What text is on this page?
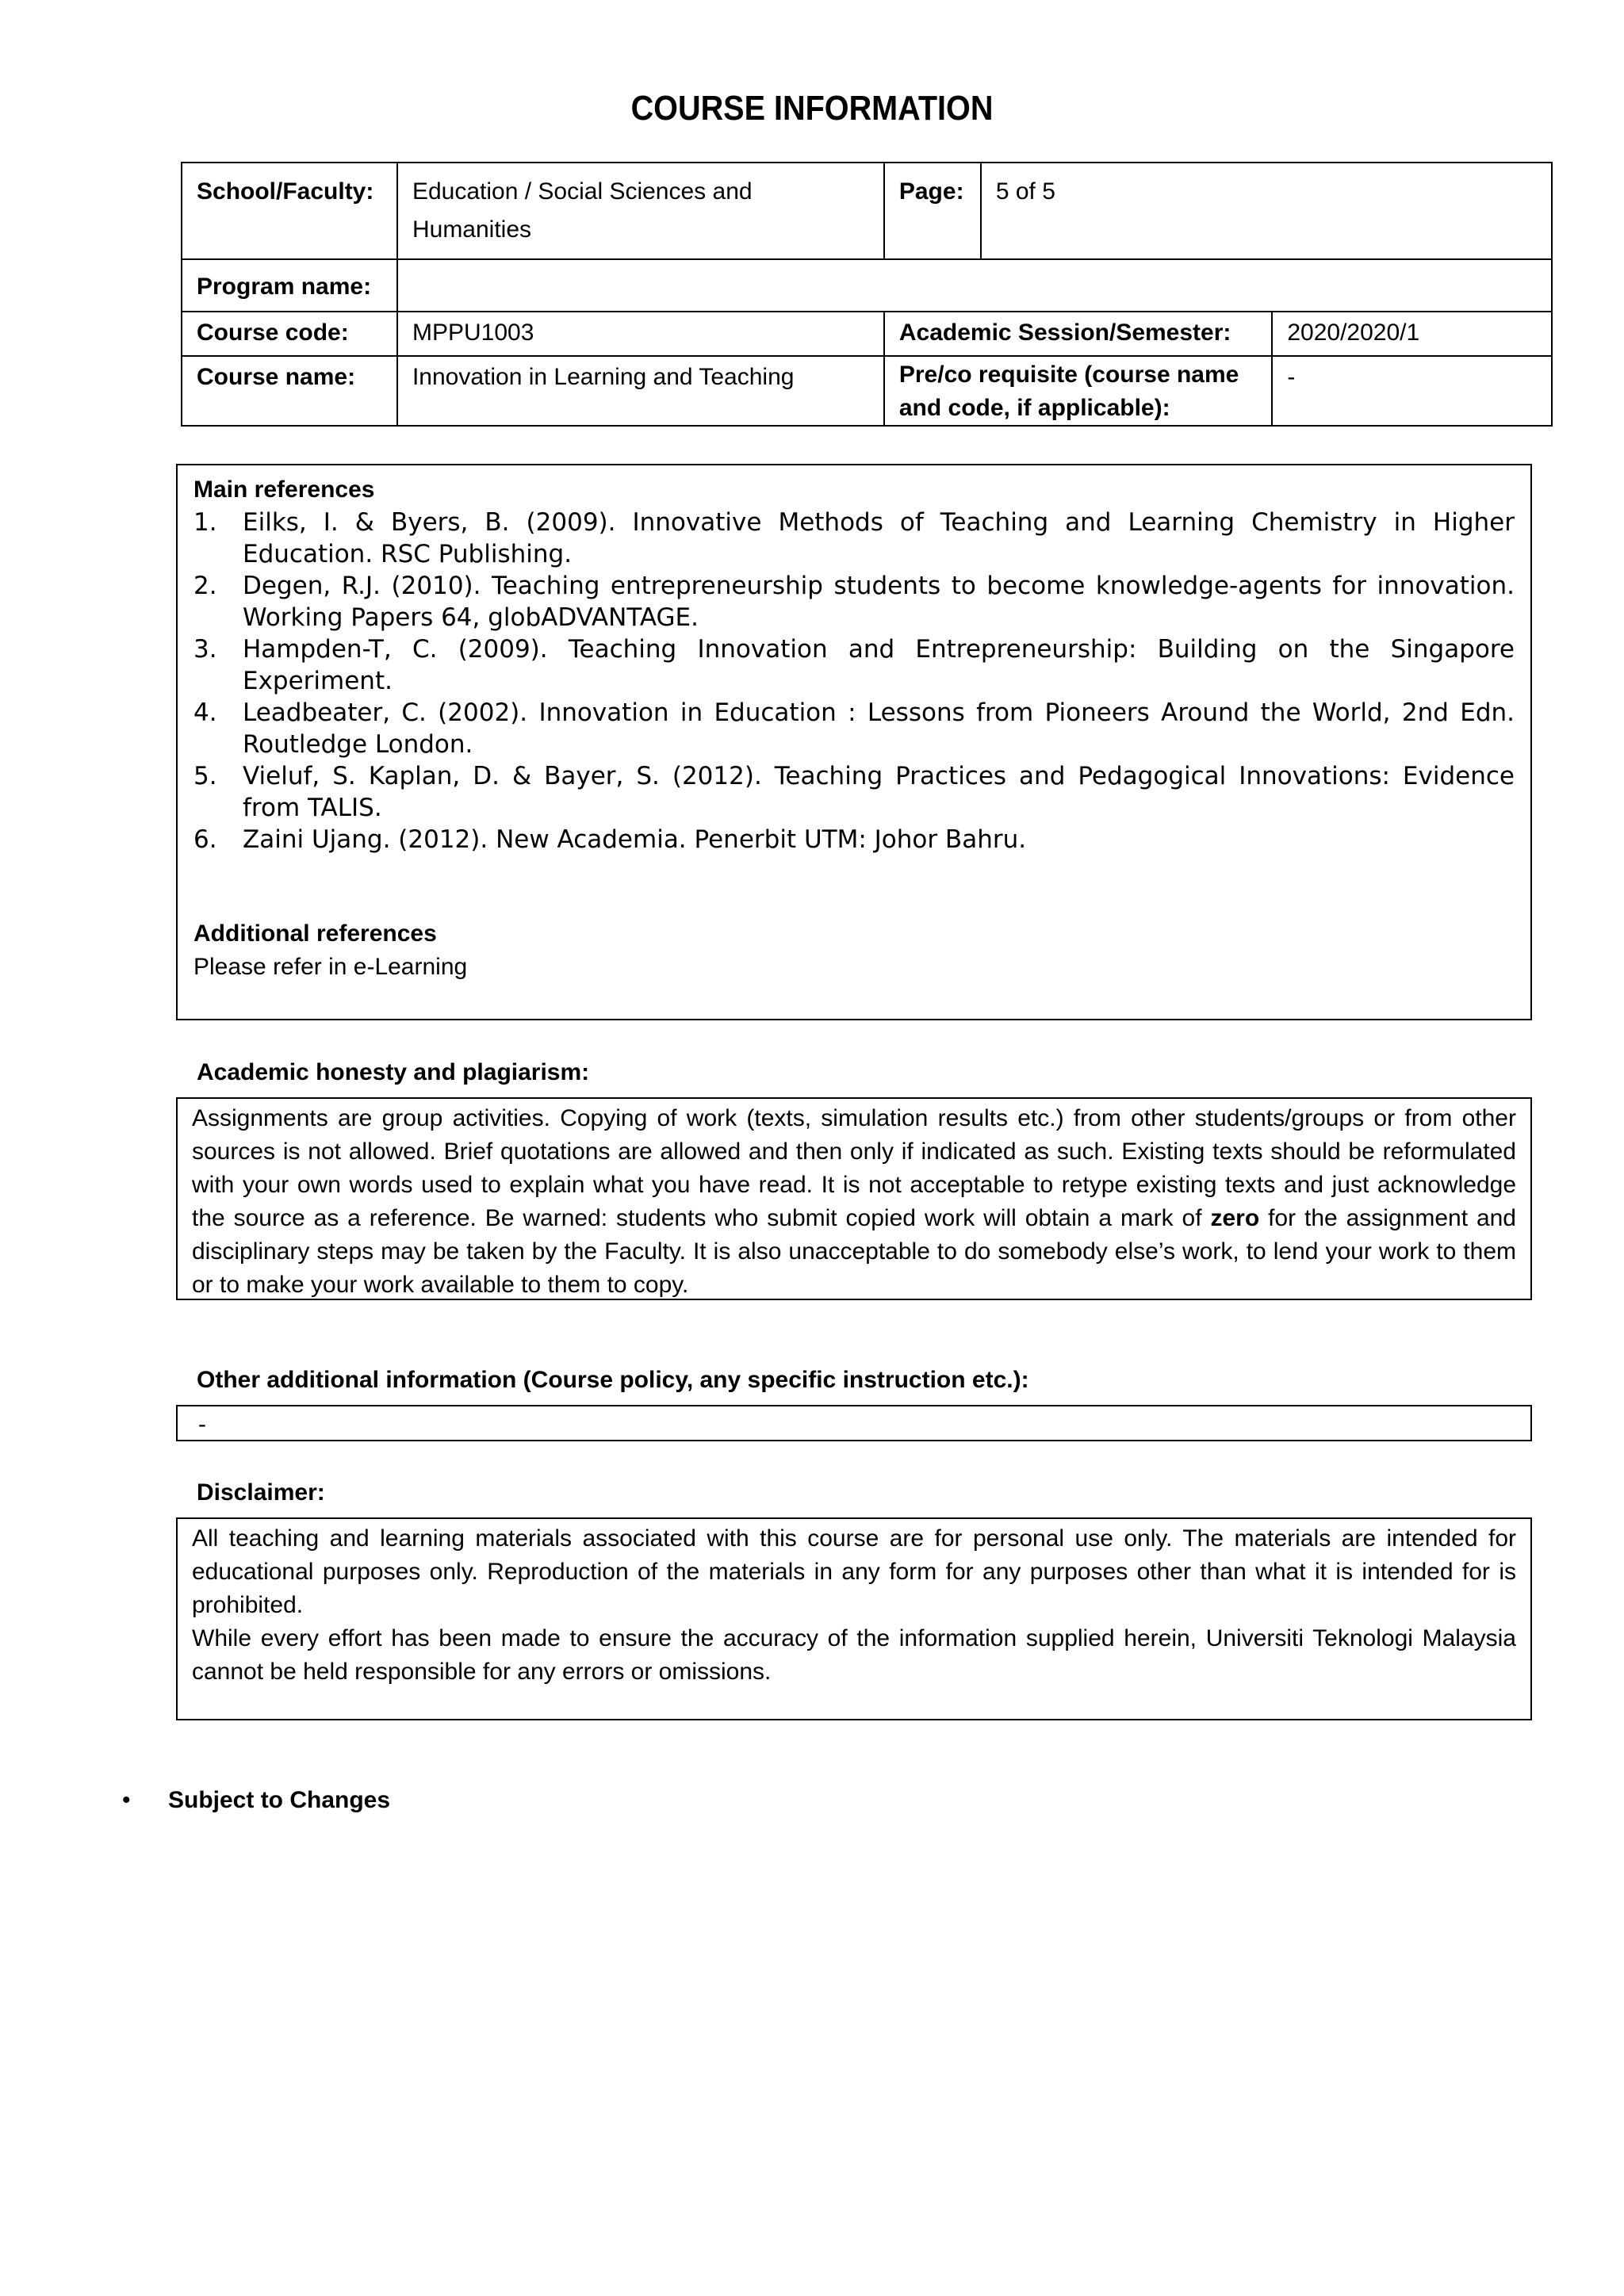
COURSE INFORMATION
School/Faculty:	Education / Social Sciences and Humanities	Page:	5 of 5	
Program name:				
Course code:	MPPU1003	Academic Session/Semester:		2020/2020/1
Course name:	Innovation in Learning and Teaching	Pre/co requisite (course name and code, if applicable):		-
Main references
1. Eilks, I. & Byers, B. (2009). Innovative Methods of Teaching and Learning Chemistry in Higher Education. RSC Publishing.
2. Degen, R.J. (2010). Teaching entrepreneurship students to become knowledge-agents for innovation. Working Papers 64, globADVANTAGE.
3. Hampden-T, C. (2009). Teaching Innovation and Entrepreneurship: Building on the Singapore Experiment.
4. Leadbeater, C. (2002). Innovation in Education : Lessons from Pioneers Around the World, 2nd Edn. Routledge London.
5. Vieluf, S. Kaplan, D. & Bayer, S. (2012). Teaching Practices and Pedagogical Innovations: Evidence from TALIS.
6. Zaini Ujang. (2012). New Academia. Penerbit UTM: Johor Bahru.
Additional references
Please refer in e-Learning
Academic honesty and plagiarism:
Assignments are group activities. Copying of work (texts, simulation results etc.) from other students/groups or from other sources is not allowed. Brief quotations are allowed and then only if indicated as such. Existing texts should be reformulated with your own words used to explain what you have read. It is not acceptable to retype existing texts and just acknowledge the source as a reference. Be warned: students who submit copied work will obtain a mark of zero for the assignment and disciplinary steps may be taken by the Faculty. It is also unacceptable to do somebody else’s work, to lend your work to them or to make your work available to them to copy.
Other additional information (Course policy, any specific instruction etc.):
-
Disclaimer:
All teaching and learning materials associated with this course are for personal use only. The materials are intended for educational purposes only. Reproduction of the materials in any form for any purposes other than what it is intended for is prohibited.
While every effort has been made to ensure the accuracy of the information supplied herein, Universiti Teknologi Malaysia cannot be held responsible for any errors or omissions.
• Subject to Changes
